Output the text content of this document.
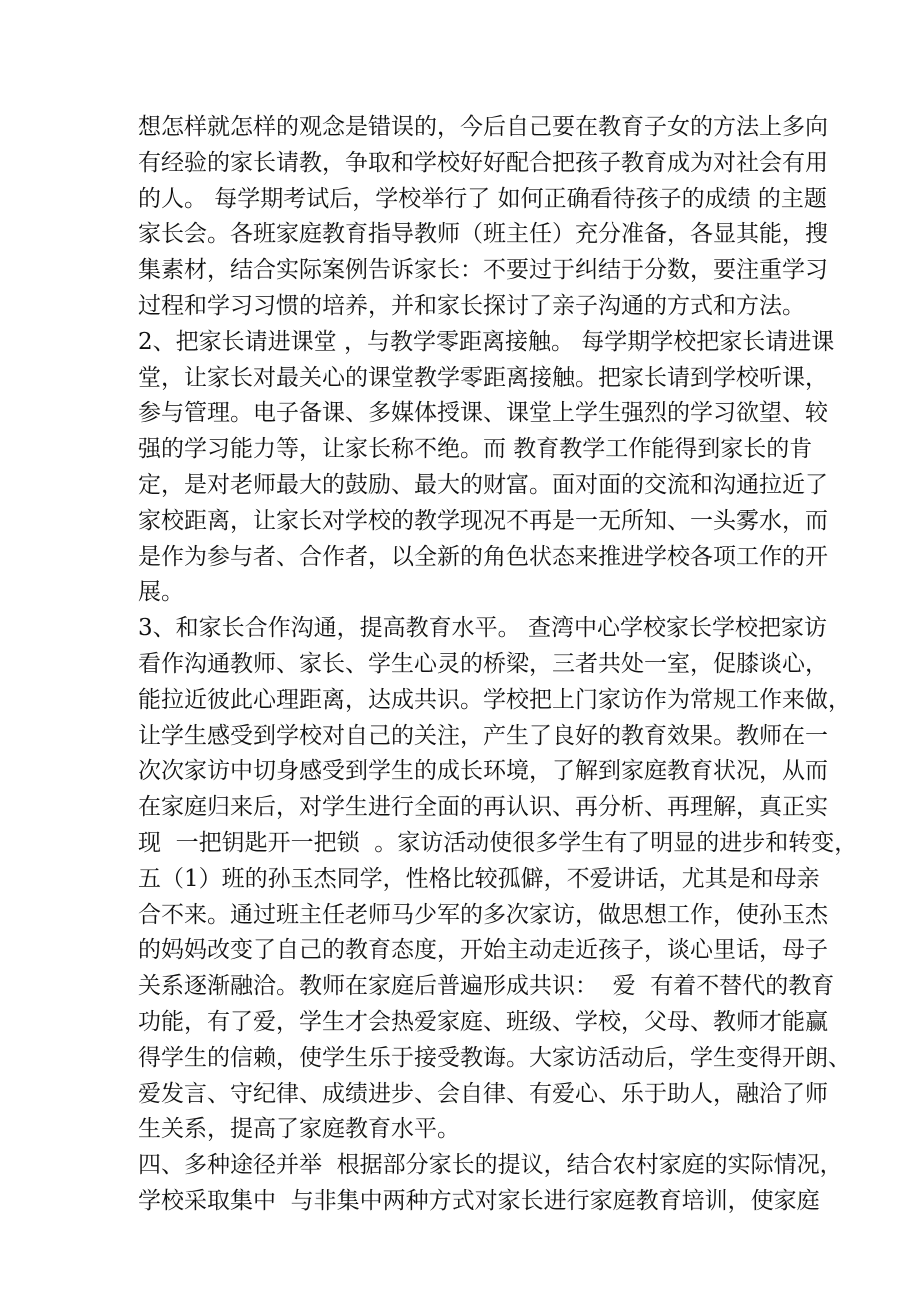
想怎样就怎样的观念是错误的，今后自己要在教育子女的方法上多向
有经验的家长请教，争取和学校好好配合把孩子教育成为对社会有用
的人。 每学期考试后，学校举行了 如何正确看待孩子的成绩 的主题
家长会。各班家庭教育指导教师（班主任）充分准备，各显其能，搜
集素材，结合实际案例告诉家长：不要过于纠结于分数，要注重学习
过程和学习习惯的培养，并和家长探讨了亲子沟通的方式和方法。
2、把家长请进课堂 ，与教学零距离接触。 每学期学校把家长请进课
堂，让家长对最关心的课堂教学零距离接触。把家长请到学校听课，
参与管理。电子备课、多媒体授课、课堂上学生强烈的学习欲望、较
强的学习能力等，让家长称不绝。而 教育教学工作能得到家长的肯
定，是对老师最大的鼓励、最大的财富。面对面的交流和沟通拉近了
家校距离，让家长对学校的教学现况不再是一无所知、一头雾水，而
是作为参与者、合作者，以全新的角色状态来推进学校各项工作的开
展。
3、和家长合作沟通，提高教育水平。 查湾中心学校家长学校把家访
看作沟通教师、家长、学生心灵的桥梁，三者共处一室，促膝谈心，
能拉近彼此心理距离，达成共识。学校把上门家访作为常规工作来做，
让学生感受到学校对自己的关注，产生了良好的教育效果。教师在一
次次家访中切身感受到学生的成长环境，了解到家庭教育状况，从而
在家庭归来后，对学生进行全面的再认识、再分析、再理解，真正实
现  一把钥匙开一把锁  。家访活动使很多学生有了明显的进步和转变，
五（1）班的孙玉杰同学，性格比较孤僻，不爱讲话，尤其是和母亲
合不来。通过班主任老师马少军的多次家访，做思想工作，使孙玉杰
的妈妈改变了自己的教育态度，开始主动走近孩子，谈心里话，母子
关系逐渐融洽。教师在家庭后普遍形成共识：  爱  有着不替代的教育
功能，有了爱，学生才会热爱家庭、班级、学校，父母、教师才能赢
得学生的信赖，使学生乐于接受教诲。大家访活动后，学生变得开朗、
爱发言、守纪律、成绩进步、会自律、有爱心、乐于助人，融洽了师
生关系，提高了家庭教育水平。
四、多种途径并举  根据部分家长的提议，结合农村家庭的实际情况，
学校采取集中  与非集中两种方式对家长进行家庭教育培训，使家庭
